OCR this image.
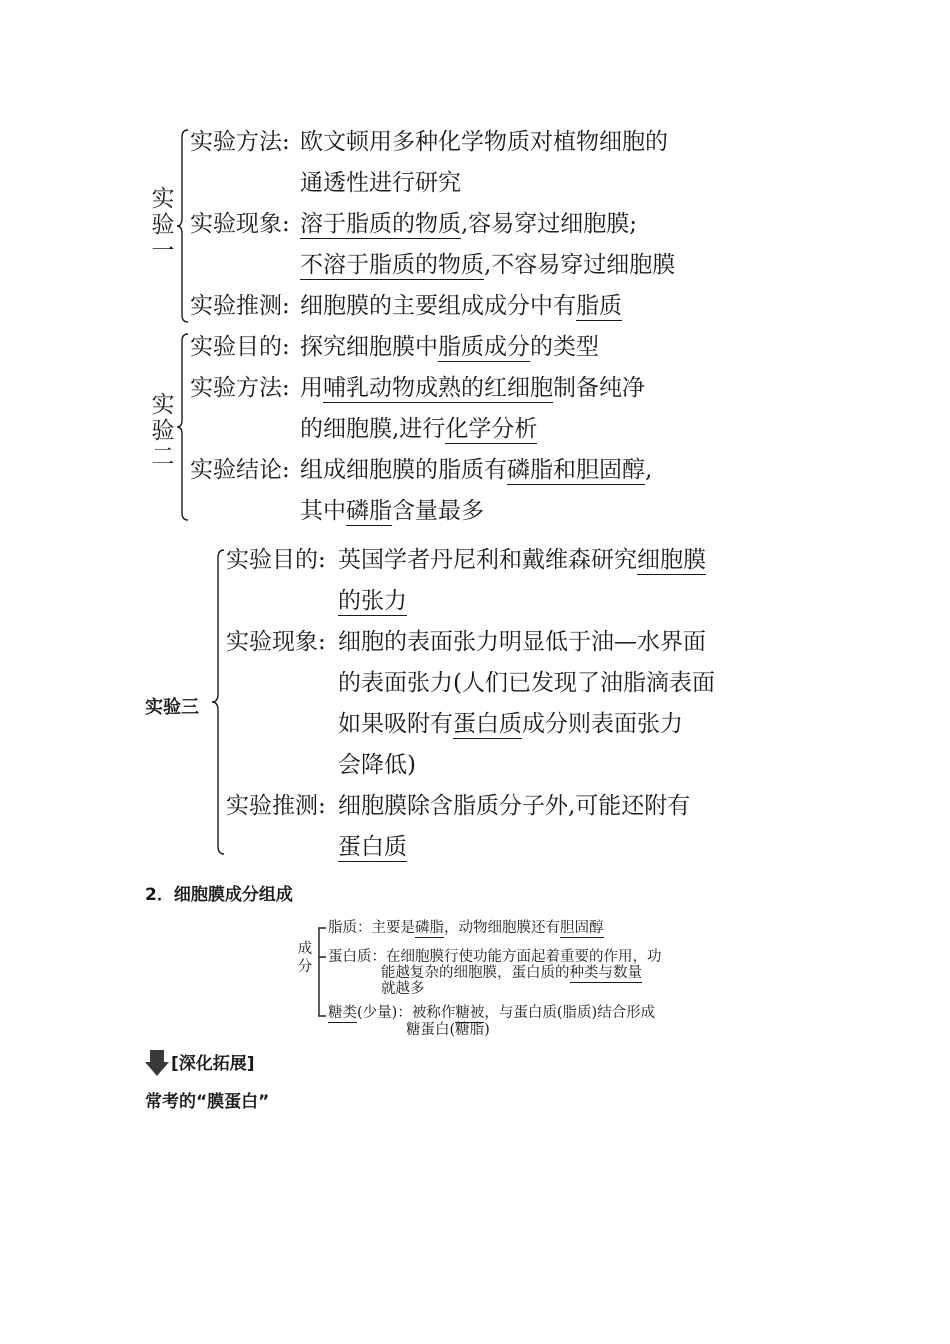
实
验
一
实验方法: 欧文顿用多种化学物质对植物细胞的
通透性进行研究
实验现象: 溶于脂质的物质,容易穿过细胞膜;
不溶于脂质的物质,不容易穿过细胞膜
实验推测: 细胞膜的主要组成成分中有脂质
实
验
二
实验目的: 探究细胞膜中脂质成分的类型
实验方法: 用哺乳动物成熟的红细胞制备纯净
的细胞膜,进行化学分析
实验结论: 组成细胞膜的脂质有磷脂和胆固醇,
其中磷脂含量最多
实验三
实验目的: 英国学者丹尼利和戴维森研究细胞膜
的张力
实验现象: 细胞的表面张力明显低于油—水界面
的表面张力(人们已发现了油脂滴表面
如果吸附有蛋白质成分则表面张力
会降低)
实验推测: 细胞膜除含脂质分子外,可能还附有
蛋白质
2．细胞膜成分组成
成
分
脂质：主要是磷脂，动物细胞膜还有胆固醇
蛋白质：在细胞膜行使功能方面起着重要的作用，功
能越复杂的细胞膜，蛋白质的种类与数量
就越多
糖类(少量)：被称作糖被，与蛋白质(脂质)结合形成
糖蛋白(糖脂)
[深化拓展]
常考的“膜蛋白”
